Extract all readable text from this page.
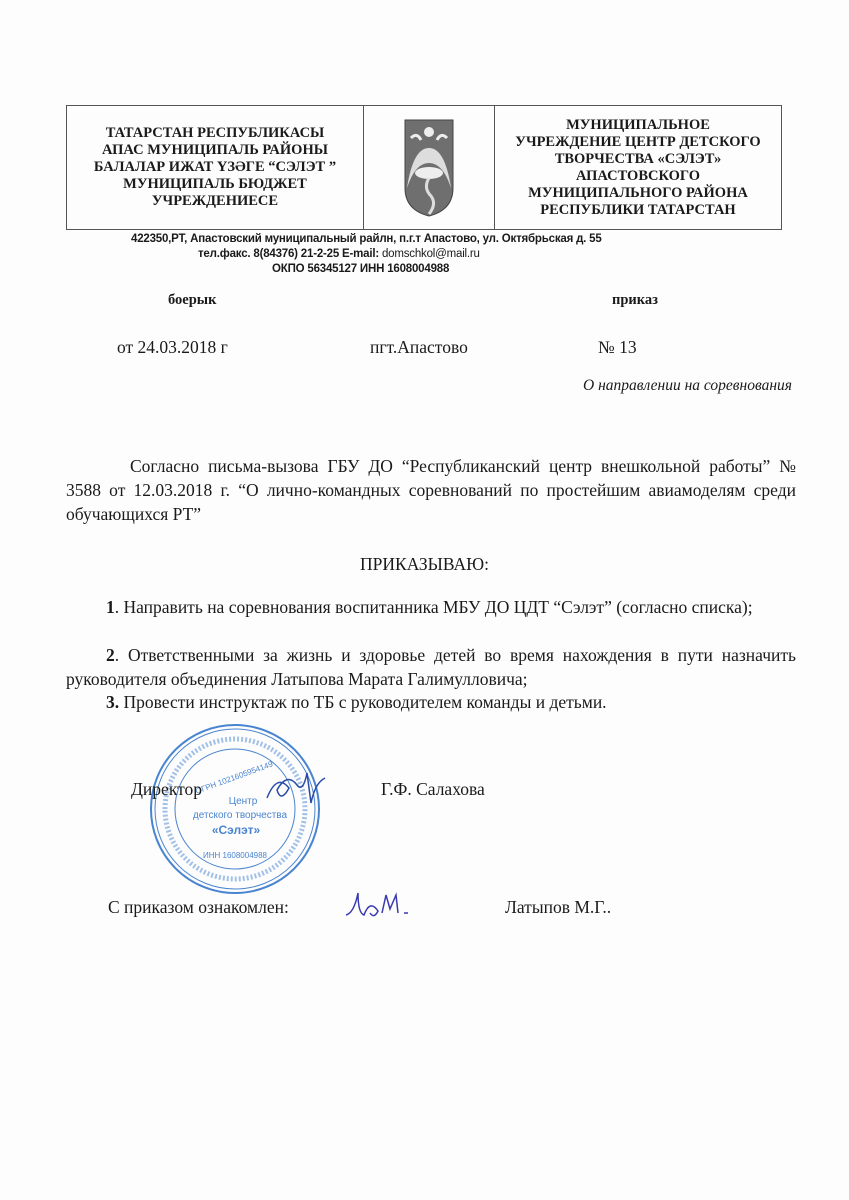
ТАТАРСТАН РЕСПУБЛИКАСЫ
АПАС МУНИЦИПАЛЬ РАЙОНЫ
БАЛАЛАР ИЖАТ ҮЗӘГЕ “СЭЛЭТ ”
МУНИЦИПАЛЬ БЮДЖЕТ
УЧРЕЖДЕНИЕСЕ
МУНИЦИПАЛЬНОЕ
УЧРЕЖДЕНИЕ ЦЕНТР ДЕТСКОГО
ТВОРЧЕСТВА «СЭЛЭТ»
АПАСТОВСКОГО
МУНИЦИПАЛЬНОГО РАЙОНА
РЕСПУБЛИКИ ТАТАРСТАН
422350,РТ, Апастовский муниципальный райлн, п.г.т Апастово, ул. Октябрьская д. 55
тел.факс. 8(84376) 21-2-25 E-mail: domschkol@mail.ru
ОКПО 56345127 ИНН 1608004988
боерык	приказ
от 24.03.2018 г	пгт.Апастово	№ 13
О направлении на соревнования
Согласно письма-вызова ГБУ ДО “Республиканский центр внешкольной работы” № 3588 от 12.03.2018 г. “О лично-командных соревнований по простейшим авиамоделям среди обучающихся РТ”
ПРИКАЗЫВАЮ:
1. Направить на соревнования воспитанника МБУ ДО ЦДТ “Сэлэт” (согласно списка);
2. Ответственными за жизнь и здоровье детей во время нахождения в пути назначить руководителя объединения Латыпова Марата Галимулловича;
3. Провести инструктаж по ТБ с руководителем команды и детьми.
ОГРН 1021605954149
Центр
детского творчества
«Сэлэт»
ИНН 1608004988
Директор	Г.Ф. Салахова
С приказом ознакомлен:	Латыпов М.Г..
